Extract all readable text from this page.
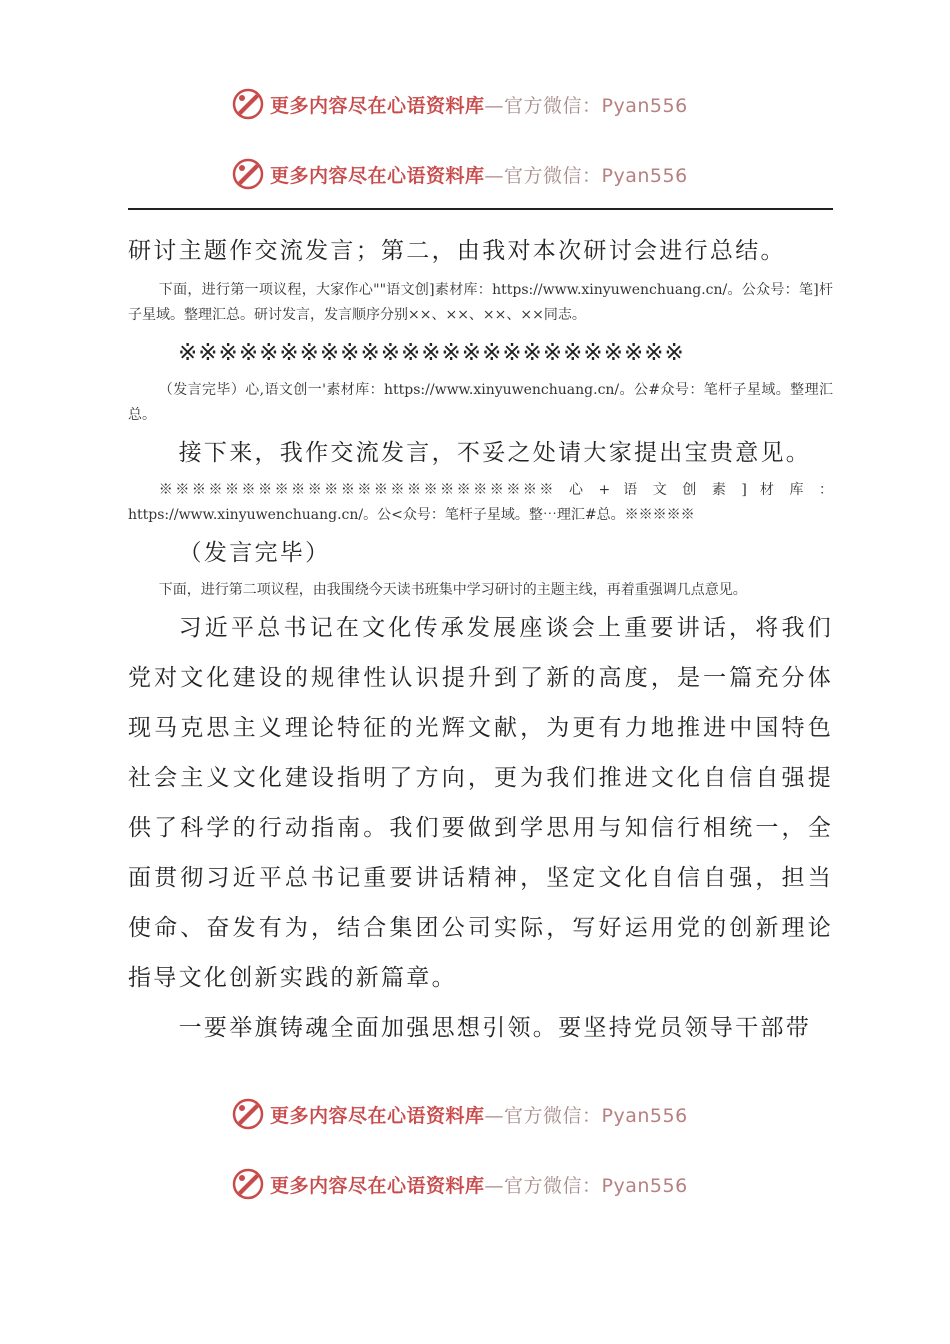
更多内容尽在心语资料库—官方微信：Pyan556
更多内容尽在心语资料库—官方微信：Pyan556

研讨主题作交流发言；第二，由我对本次研讨会进行总结。

下面，进行第一项议程，大家作心""语文创]素材库：https://www.xinyuwenchuang.cn/。公众号：笔]杆子星域。整理汇总。研讨发言，发言顺序分别××、××、××、××同志。

※※※※※※※※※※※※※※※※※※※※※※※※※

（发言完毕）心,语文创一'素材库：https://www.xinyuwenchuang.cn/。公#众号：笔杆子星域。整理汇总。

接下来，我作交流发言，不妥之处请大家提出宝贵意见。

※※※※※※※※※※※※※※※※※※※※※※※※ 心 + 语 文 创 素 ] 材 库 ： https://www.xinyuwenchuang.cn/。公<众号：笔杆子星域。整⋯理汇#总。※※※※※

（发言完毕）

下面，进行第二项议程，由我围绕今天读书班集中学习研讨的主题主线，再着重强调几点意见。

习近平总书记在文化传承发展座谈会上重要讲话，将我们党对文化建设的规律性认识提升到了新的高度，是一篇充分体现马克思主义理论特征的光辉文献，为更有力地推进中国特色社会主义文化建设指明了方向，更为我们推进文化自信自强提供了科学的行动指南。我们要做到学思用与知信行相统一，全面贯彻习近平总书记重要讲话精神，坚定文化自信自强，担当使命、奋发有为，结合集团公司实际，写好运用党的创新理论指导文化创新实践的新篇章。

一要举旗铸魂全面加强思想引领。要坚持党员领导干部带

更多内容尽在心语资料库—官方微信：Pyan556
更多内容尽在心语资料库—官方微信：Pyan556
